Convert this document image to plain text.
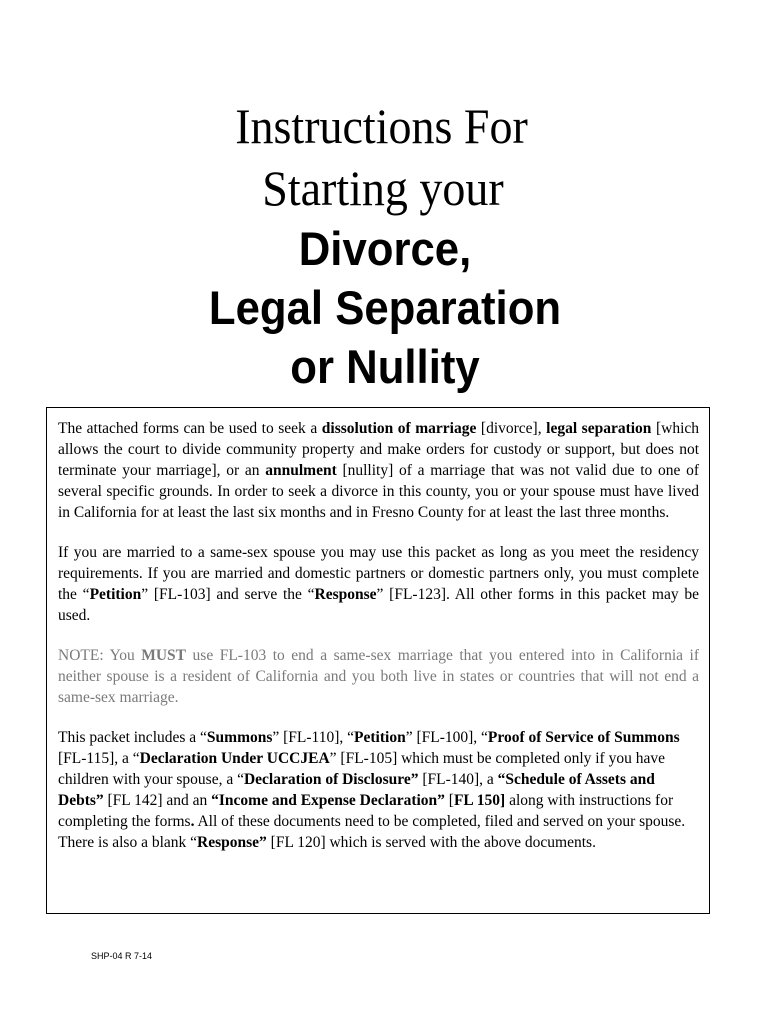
Instructions For
Starting your
Divorce,
Legal Separation
or Nullity

The attached forms can be used to seek a dissolution of marriage [divorce], legal separation [which allows the court to divide community property and make orders for custody or support, but does not terminate your marriage], or an annulment [nullity] of a marriage that was not valid due to one of several specific grounds. In order to seek a divorce in this county, you or your spouse must have lived in California for at least the last six months and in Fresno County for at least the last three months.

If you are married to a same-sex spouse you may use this packet as long as you meet the residency requirements. If you are married and domestic partners or domestic partners only, you must complete the “Petition” [FL-103] and serve the “Response” [FL-123]. All other forms in this packet may be used.

NOTE: You MUST use FL-103 to end a same-sex marriage that you entered into in California if neither spouse is a resident of California and you both live in states or countries that will not end a same-sex marriage.

This packet includes a “Summons” [FL-110], “Petition” [FL-100], “Proof of Service of Summons [FL-115], a “Declaration Under UCCJEA” [FL-105] which must be completed only if you have children with your spouse, a “Declaration of Disclosure” [FL-140], a “Schedule of Assets and Debts” [FL 142] and an “Income and Expense Declaration” [FL 150] along with instructions for completing the forms. All of these documents need to be completed, filed and served on your spouse. There is also a blank “Response” [FL 120] which is served with the above documents.

SHP-04 R 7-14
